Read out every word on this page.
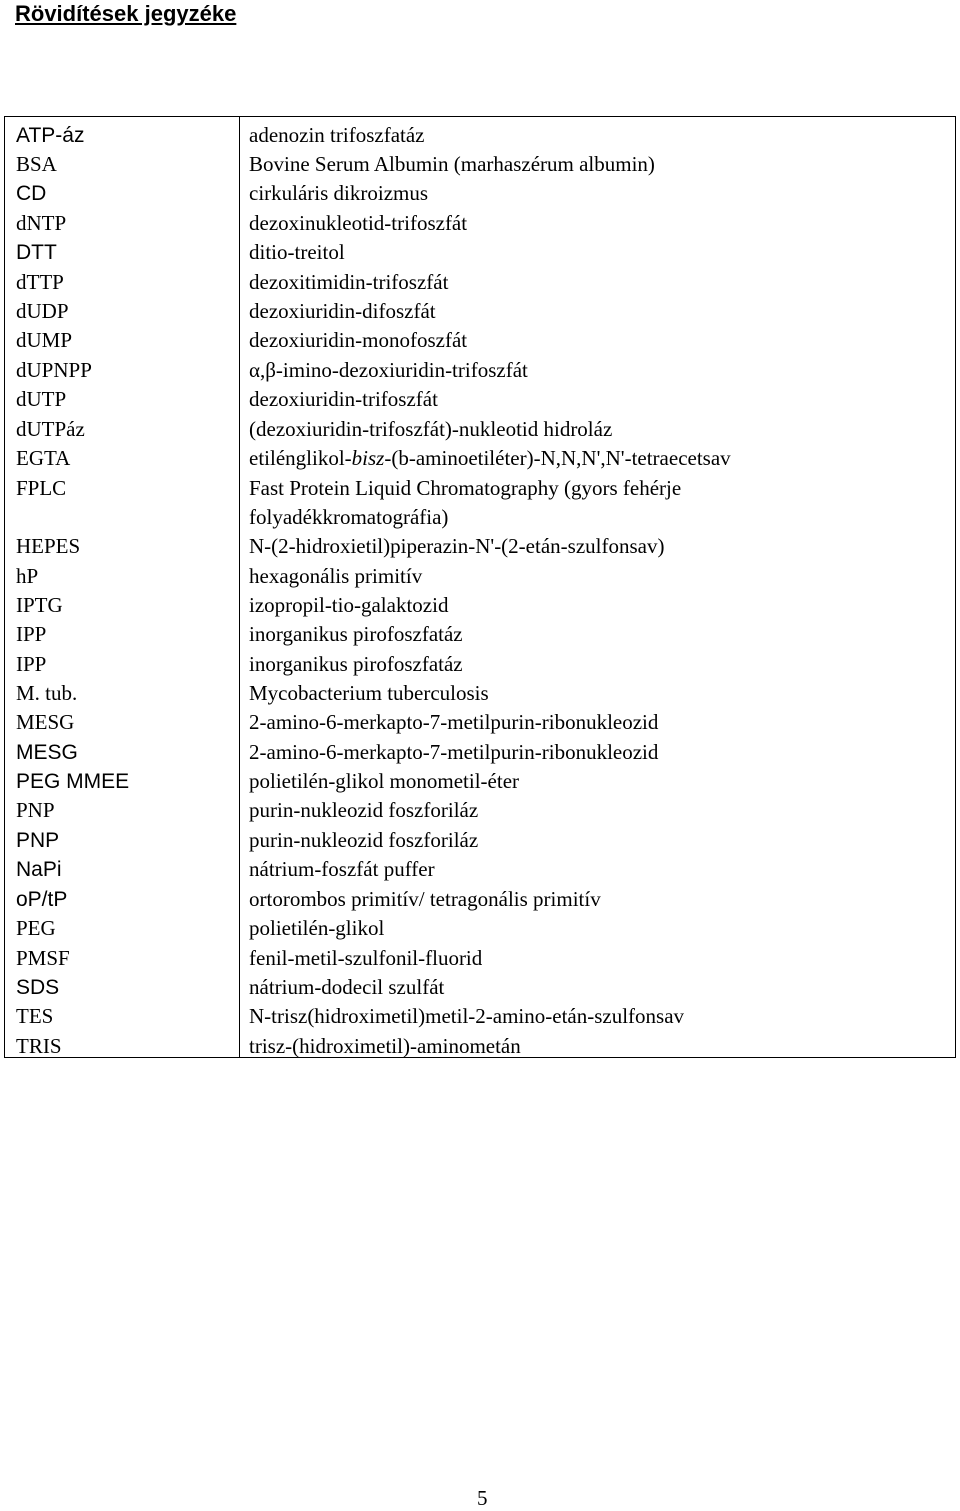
Rövidítések jegyzéke
ATP-áz	adenozin trifoszfatáz
BSA	Bovine Serum Albumin (marhaszérum albumin)
CD	cirkuláris dikroizmus
dNTP	dezoxinukleotid-trifoszfát
DTT	ditio-treitol
dTTP	dezoxitimidin-trifoszfát
dUDP	dezoxiuridin-difoszfát
dUMP	dezoxiuridin-monofoszfát
dUPNPP	α,β-imino-dezoxiuridin-trifoszfát
dUTP	dezoxiuridin-trifoszfát
dUTPáz	(dezoxiuridin-trifoszfát)-nukleotid hidroláz
EGTA	etilénglikol-bisz-(b-aminoetiléter)-N,N,N',N'-tetraecetsav
FPLC	Fast Protein Liquid Chromatography (gyors fehérje
folyadékkromatográfia)
HEPES	N-(2-hidroxietil)piperazin-N'-(2-etán-szulfonsav)
hP	hexagonális primitív
IPTG	izopropil-tio-galaktozid
IPP	inorganikus pirofoszfatáz
IPP	inorganikus pirofoszfatáz
M. tub.	Mycobacterium tuberculosis
MESG	2-amino-6-merkapto-7-metilpurin-ribonukleozid
MESG	2-amino-6-merkapto-7-metilpurin-ribonukleozid
PEG MMEE	polietilén-glikol monometil-éter
PNP	purin-nukleozid foszforiláz
PNP	purin-nukleozid foszforiláz
NaPi	nátrium-foszfát puffer
oP/tP	ortorombos primitív/ tetragonális primitív
PEG	polietilén-glikol
PMSF	fenil-metil-szulfonil-fluorid
SDS	nátrium-dodecil szulfát
TES	N-trisz(hidroximetil)metil-2-amino-etán-szulfonsav
TRIS	trisz-(hidroximetil)-aminometán
5
